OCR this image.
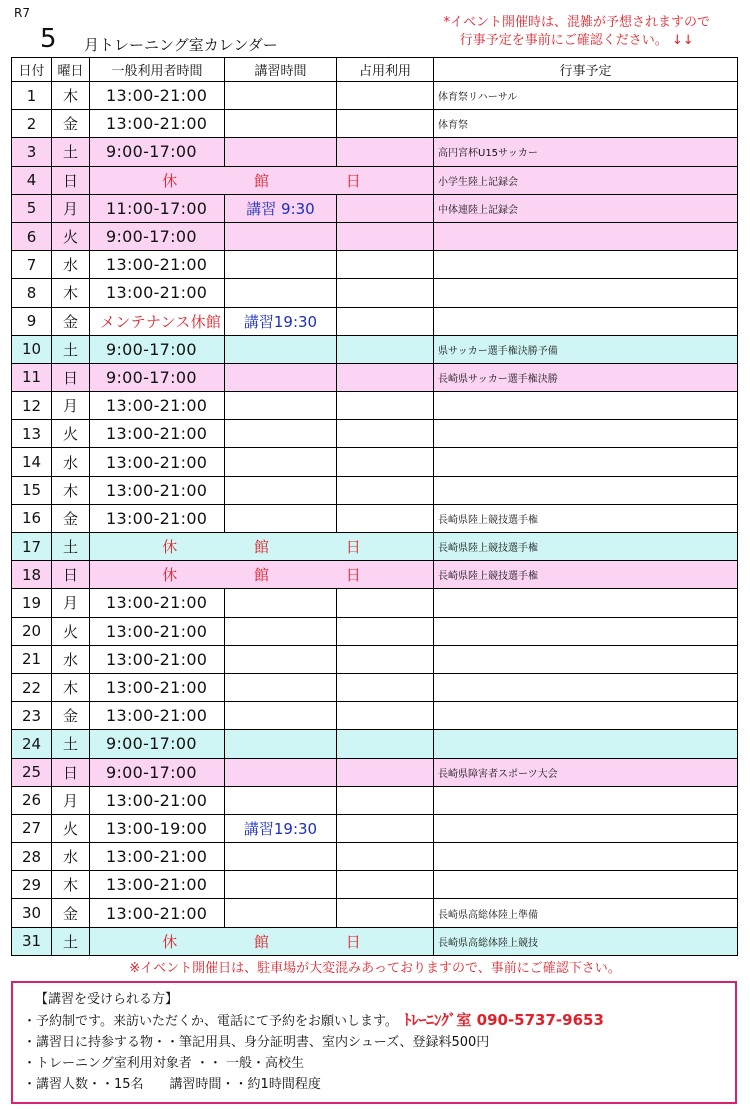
R7
5 月トレーニング室カレンダー
*イベント開催時は、混雑が予想されますので
行事予定を事前にご確認ください。 ↓↓
日付	曜日	一般利用者時間	講習時間	占用利用	行事予定
1	木	13:00-21:00			体育祭リハーサル
2	金	13:00-21:00			体育祭
3	土	9:00-17:00			高円宮杯U15サッカー
4	日	休 館 日			小学生陸上記録会
5	月	11:00-17:00	講習 9:30		中体連陸上記録会
6	火	9:00-17:00			
7	水	13:00-21:00			
8	木	13:00-21:00			
9	金	メンテナンス休館	講習19:30		
10	土	9:00-17:00			県サッカー選手権決勝予備
11	日	9:00-17:00			長崎県サッカー選手権決勝
12	月	13:00-21:00			
13	火	13:00-21:00			
14	水	13:00-21:00			
15	木	13:00-21:00			
16	金	13:00-21:00			長崎県陸上競技選手権
17	土	休 館 日			長崎県陸上競技選手権
18	日	休 館 日			長崎県陸上競技選手権
19	月	13:00-21:00			
20	火	13:00-21:00			
21	水	13:00-21:00			
22	木	13:00-21:00			
23	金	13:00-21:00			
24	土	9:00-17:00			
25	日	9:00-17:00			長崎県障害者スポーツ大会
26	月	13:00-21:00			
27	火	13:00-19:00	講習19:30		
28	水	13:00-21:00			
29	木	13:00-21:00			
30	金	13:00-21:00			長崎県高総体陸上準備
31	土	休 館 日			長崎県高総体陸上競技
※イベント開催日は、駐車場が大変混みあっておりますので、事前にご確認下さい。
【講習を受けられる方】
・予約制です。来訪いただくか、電話にて予約をお願いします。 ﾄﾚｰﾆﾝｸﾞ室 090-5737-9653
・講習日に持参する物・・筆記用具、身分証明書、室内シューズ、登録料500円
・トレーニング室利用対象者 ・・ 一般・高校生
・講習人数・・15名　　講習時間・・約1時間程度
